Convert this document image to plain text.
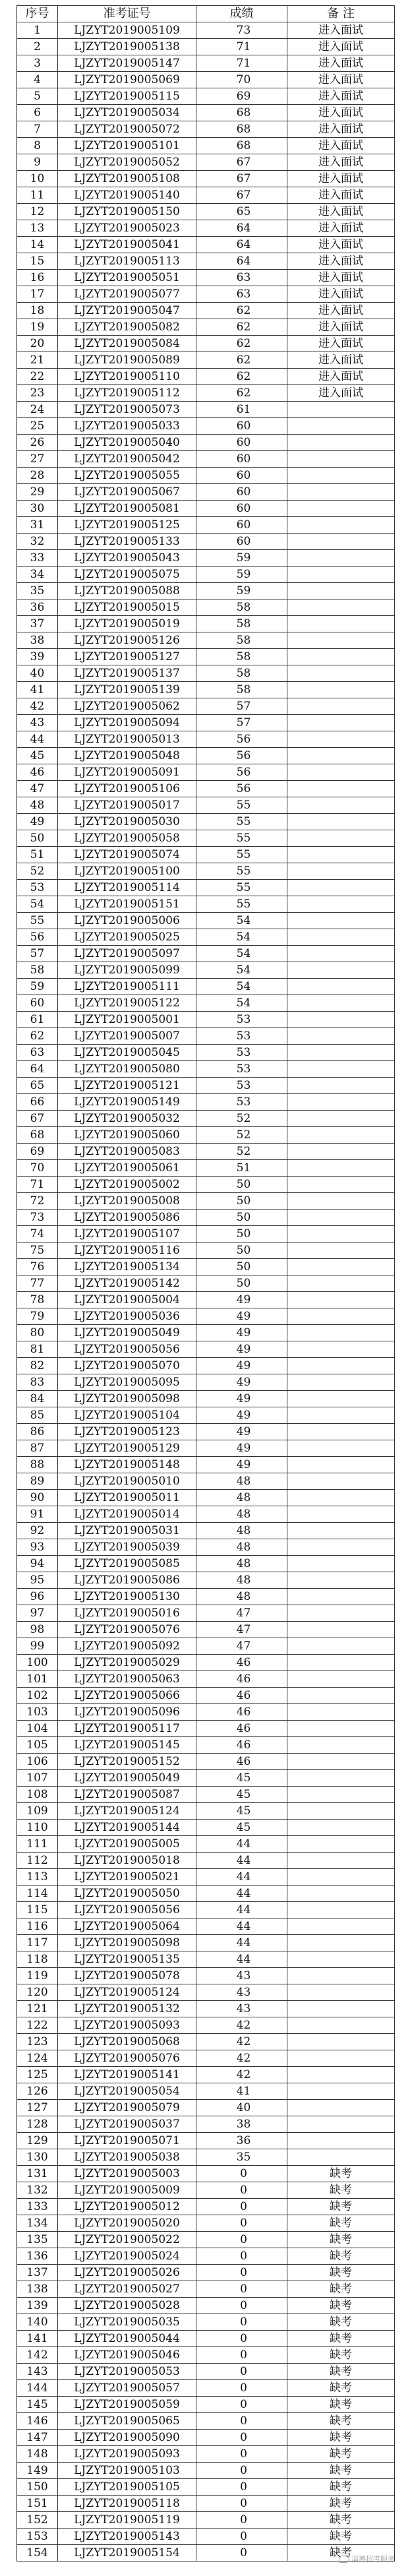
序号	准考证号	成绩	备 注
1	LJZYT2019005109	73	进入面试
2	LJZYT2019005138	71	进入面试
3	LJZYT2019005147	71	进入面试
4	LJZYT2019005069	70	进入面试
5	LJZYT2019005115	69	进入面试
6	LJZYT2019005034	68	进入面试
7	LJZYT2019005072	68	进入面试
8	LJZYT2019005101	68	进入面试
9	LJZYT2019005052	67	进入面试
10	LJZYT2019005108	67	进入面试
11	LJZYT2019005140	67	进入面试
12	LJZYT2019005150	65	进入面试
13	LJZYT2019005023	64	进入面试
14	LJZYT2019005041	64	进入面试
15	LJZYT2019005113	64	进入面试
16	LJZYT2019005051	63	进入面试
17	LJZYT2019005077	63	进入面试
18	LJZYT2019005047	62	进入面试
19	LJZYT2019005082	62	进入面试
20	LJZYT2019005084	62	进入面试
21	LJZYT2019005089	62	进入面试
22	LJZYT2019005110	62	进入面试
23	LJZYT2019005112	62	进入面试
24	LJZYT2019005073	61	
25	LJZYT2019005033	60	
26	LJZYT2019005040	60	
27	LJZYT2019005042	60	
28	LJZYT2019005055	60	
29	LJZYT2019005067	60	
30	LJZYT2019005081	60	
31	LJZYT2019005125	60	
32	LJZYT2019005133	60	
33	LJZYT2019005043	59	
34	LJZYT2019005075	59	
35	LJZYT2019005088	59	
36	LJZYT2019005015	58	
37	LJZYT2019005019	58	
38	LJZYT2019005126	58	
39	LJZYT2019005127	58	
40	LJZYT2019005137	58	
41	LJZYT2019005139	58	
42	LJZYT2019005062	57	
43	LJZYT2019005094	57	
44	LJZYT2019005013	56	
45	LJZYT2019005048	56	
46	LJZYT2019005091	56	
47	LJZYT2019005106	56	
48	LJZYT2019005017	55	
49	LJZYT2019005030	55	
50	LJZYT2019005058	55	
51	LJZYT2019005074	55	
52	LJZYT2019005100	55	
53	LJZYT2019005114	55	
54	LJZYT2019005151	55	
55	LJZYT2019005006	54	
56	LJZYT2019005025	54	
57	LJZYT2019005097	54	
58	LJZYT2019005099	54	
59	LJZYT2019005111	54	
60	LJZYT2019005122	54	
61	LJZYT2019005001	53	
62	LJZYT2019005007	53	
63	LJZYT2019005045	53	
64	LJZYT2019005080	53	
65	LJZYT2019005121	53	
66	LJZYT2019005149	53	
67	LJZYT2019005032	52	
68	LJZYT2019005060	52	
69	LJZYT2019005083	52	
70	LJZYT2019005061	51	
71	LJZYT2019005002	50	
72	LJZYT2019005008	50	
73	LJZYT2019005086	50	
74	LJZYT2019005107	50	
75	LJZYT2019005116	50	
76	LJZYT2019005134	50	
77	LJZYT2019005142	50	
78	LJZYT2019005004	49	
79	LJZYT2019005036	49	
80	LJZYT2019005049	49	
81	LJZYT2019005056	49	
82	LJZYT2019005070	49	
83	LJZYT2019005095	49	
84	LJZYT2019005098	49	
85	LJZYT2019005104	49	
86	LJZYT2019005123	49	
87	LJZYT2019005129	49	
88	LJZYT2019005148	49	
89	LJZYT2019005010	48	
90	LJZYT2019005011	48	
91	LJZYT2019005014	48	
92	LJZYT2019005031	48	
93	LJZYT2019005039	48	
94	LJZYT2019005085	48	
95	LJZYT2019005086	48	
96	LJZYT2019005130	48	
97	LJZYT2019005016	47	
98	LJZYT2019005076	47	
99	LJZYT2019005092	47	
100	LJZYT2019005029	46	
101	LJZYT2019005063	46	
102	LJZYT2019005066	46	
103	LJZYT2019005096	46	
104	LJZYT2019005117	46	
105	LJZYT2019005145	46	
106	LJZYT2019005152	46	
107	LJZYT2019005049	45	
108	LJZYT2019005087	45	
109	LJZYT2019005124	45	
110	LJZYT2019005144	45	
111	LJZYT2019005005	44	
112	LJZYT2019005018	44	
113	LJZYT2019005021	44	
114	LJZYT2019005050	44	
115	LJZYT2019005056	44	
116	LJZYT2019005064	44	
117	LJZYT2019005098	44	
118	LJZYT2019005135	44	
119	LJZYT2019005078	43	
120	LJZYT2019005124	43	
121	LJZYT2019005132	43	
122	LJZYT2019005093	42	
123	LJZYT2019005068	42	
124	LJZYT2019005076	42	
125	LJZYT2019005141	42	
126	LJZYT2019005054	41	
127	LJZYT2019005079	40	
128	LJZYT2019005037	38	
129	LJZYT2019005071	36	
130	LJZYT2019005038	35	
131	LJZYT2019005003	0	缺考
132	LJZYT2019005009	0	缺考
133	LJZYT2019005012	0	缺考
134	LJZYT2019005020	0	缺考
135	LJZYT2019005022	0	缺考
136	LJZYT2019005024	0	缺考
137	LJZYT2019005026	0	缺考
138	LJZYT2019005027	0	缺考
139	LJZYT2019005028	0	缺考
140	LJZYT2019005035	0	缺考
141	LJZYT2019005044	0	缺考
142	LJZYT2019005046	0	缺考
143	LJZYT2019005053	0	缺考
144	LJZYT2019005057	0	缺考
145	LJZYT2019005059	0	缺考
146	LJZYT2019005065	0	缺考
147	LJZYT2019005090	0	缺考
148	LJZYT2019005093	0	缺考
149	LJZYT2019005103	0	缺考
150	LJZYT2019005105	0	缺考
151	LJZYT2019005118	0	缺考
152	LJZYT2019005119	0	缺考
153	LJZYT2019005143	0	缺考
154	LJZYT2019005154	0	缺考 淄博招考服务
